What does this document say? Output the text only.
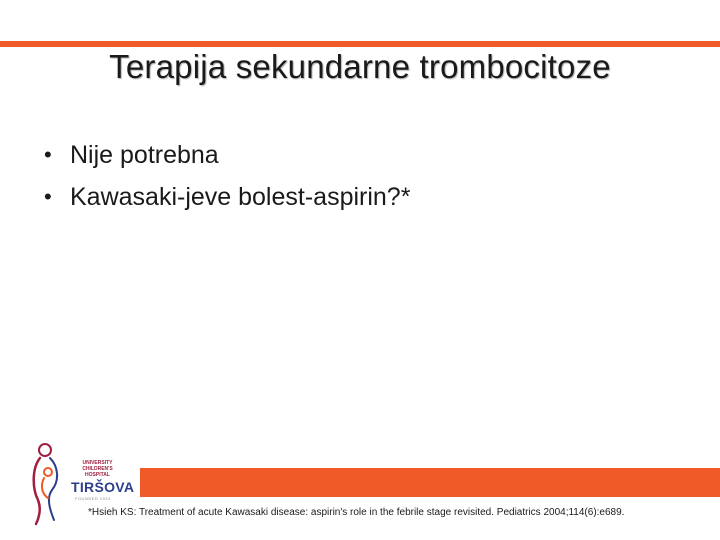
Terapija sekundarne trombocitoze
• Nije potrebna
• Kawasaki-jeve bolest-aspirin?*
UNIVERSITY CHILDREN'S HOSPITAL
TIRŠOVA
FOUNDED 1924
*Hsieh KS: Treatment of acute Kawasaki disease: aspirin's role in the febrile stage revisited. Pediatrics 2004;114(6):e689.
